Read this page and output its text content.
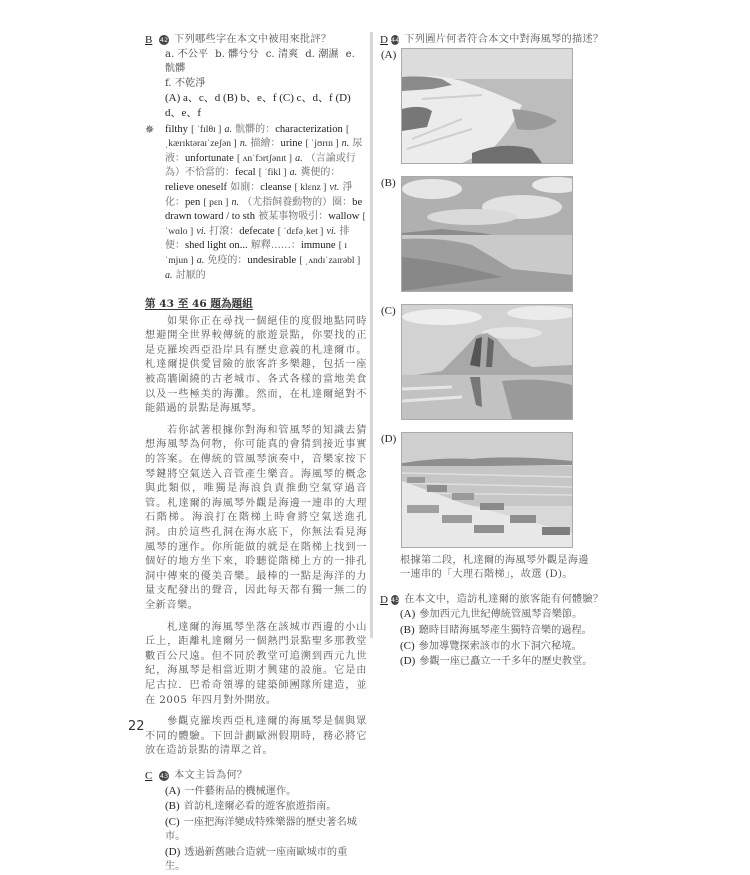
B	42 下列哪些字在本文中被用來批評？
a. 不公平 b. 髒兮兮 c. 清爽 d. 潮濕 e. 骯髒
f. 不乾淨
(A) a、c、d (B) b、e、f (C) c、d、f (D) d、e、f
✵	filthy [ ˈfɪlθɪ ] a. 骯髒的：characterization [ ˌkærɪktəraɪˈzeʃən ] n. 描繪：urine [ ˈjʊrɪn ] n. 尿液：unfortunate [ ʌnˈfɔrtʃənɪt ] a. （言論或行為）不恰當的：fecal [ ˈfikl ] a. 糞便的：relieve oneself 如廁：cleanse [ klɛnz ] vt. 淨化：pen [ pɛn ] n. （尤指飼養動物的）圈：be drawn toward / to sth 被某事物吸引：wallow [ ˈwɑlo ] vi. 打滾：defecate [ ˈdɛfəˌket ] vi. 排便：shed light on... 解釋……：immune [ ɪˈmjun ] a. 免疫的：undesirable [ ˌʌndɪˈzaɪrəbl ] a. 討厭的
第 43 至 46 題為題組

如果你正在尋找一個絕佳的度假地點同時想避開全世界較傳統的旅遊景點，你要找的正是克羅埃西亞沿岸具有歷史意義的札達爾市。札達爾提供愛冒險的旅客許多樂趣，包括一座被高牆圍繞的古老城市、各式各樣的當地美食以及一些極美的海灘。然而，在札達爾絕對不能錯過的景點是海風琴。

若你試著根據你對海和管風琴的知識去猜想海風琴為何物，你可能真的會猜到接近事實的答案。在傳統的管風琴演奏中，音樂家按下琴鍵將空氣送入音管產生樂音。海風琴的概念與此類似，唯獨是海浪負責推動空氣穿過音管。札達爾的海風琴外觀是海邊一連串的大理石階梯。海浪打在階梯上時會將空氣送進孔洞。由於這些孔洞在海水底下，你無法看見海風琴的運作。你所能做的就是在階梯上找到一個好的地方坐下來，聆聽從階梯上方的一排孔洞中傳來的優美音樂。最棒的一點是海洋的力量支配發出的聲音，因此每天都有獨一無二的全新音樂。

札達爾的海風琴坐落在該城市西邊的小山丘上，距離札達爾另一個熱門景點聖多那教堂數百公尺遠。但不同於教堂可追溯到西元九世紀，海風琴是相當近期才興建的設施。它是由尼古拉．巴希奇領導的建築師團隊所建造，並在 2005 年四月對外開放。

參觀克羅埃西亞札達爾的海風琴是個與眾不同的體驗。下回計劃歐洲假期時，務必將它放在造訪景點的清單之首。

C	43 本文主旨為何？
(A) 一件藝術品的機械運作。
(B) 首訪札達爾必看的遊客旅遊指南。
(C) 一座把海洋變成特殊樂器的歷史著名城市。
(D) 透過新舊融合造就一座南歐城市的重生。
D 44 下列圖片何者符合本文中對海風琴的描述？
(A)
(B)
(C)
(D)
根據第二段，札達爾的海風琴外觀是海邊一連串的「大理石階梯」，故選 (D)。
D 45 在本文中，造訪札達爾的旅客能有何體驗？
(A) 參加西元九世紀傳統管風琴音樂節。
(B) 聽時目睹海風琴產生獨特音樂的過程。
(C) 參加導覽探索該市的水下洞穴秘境。
(D) 參觀一座已矗立一千多年的歷史教堂。
22
